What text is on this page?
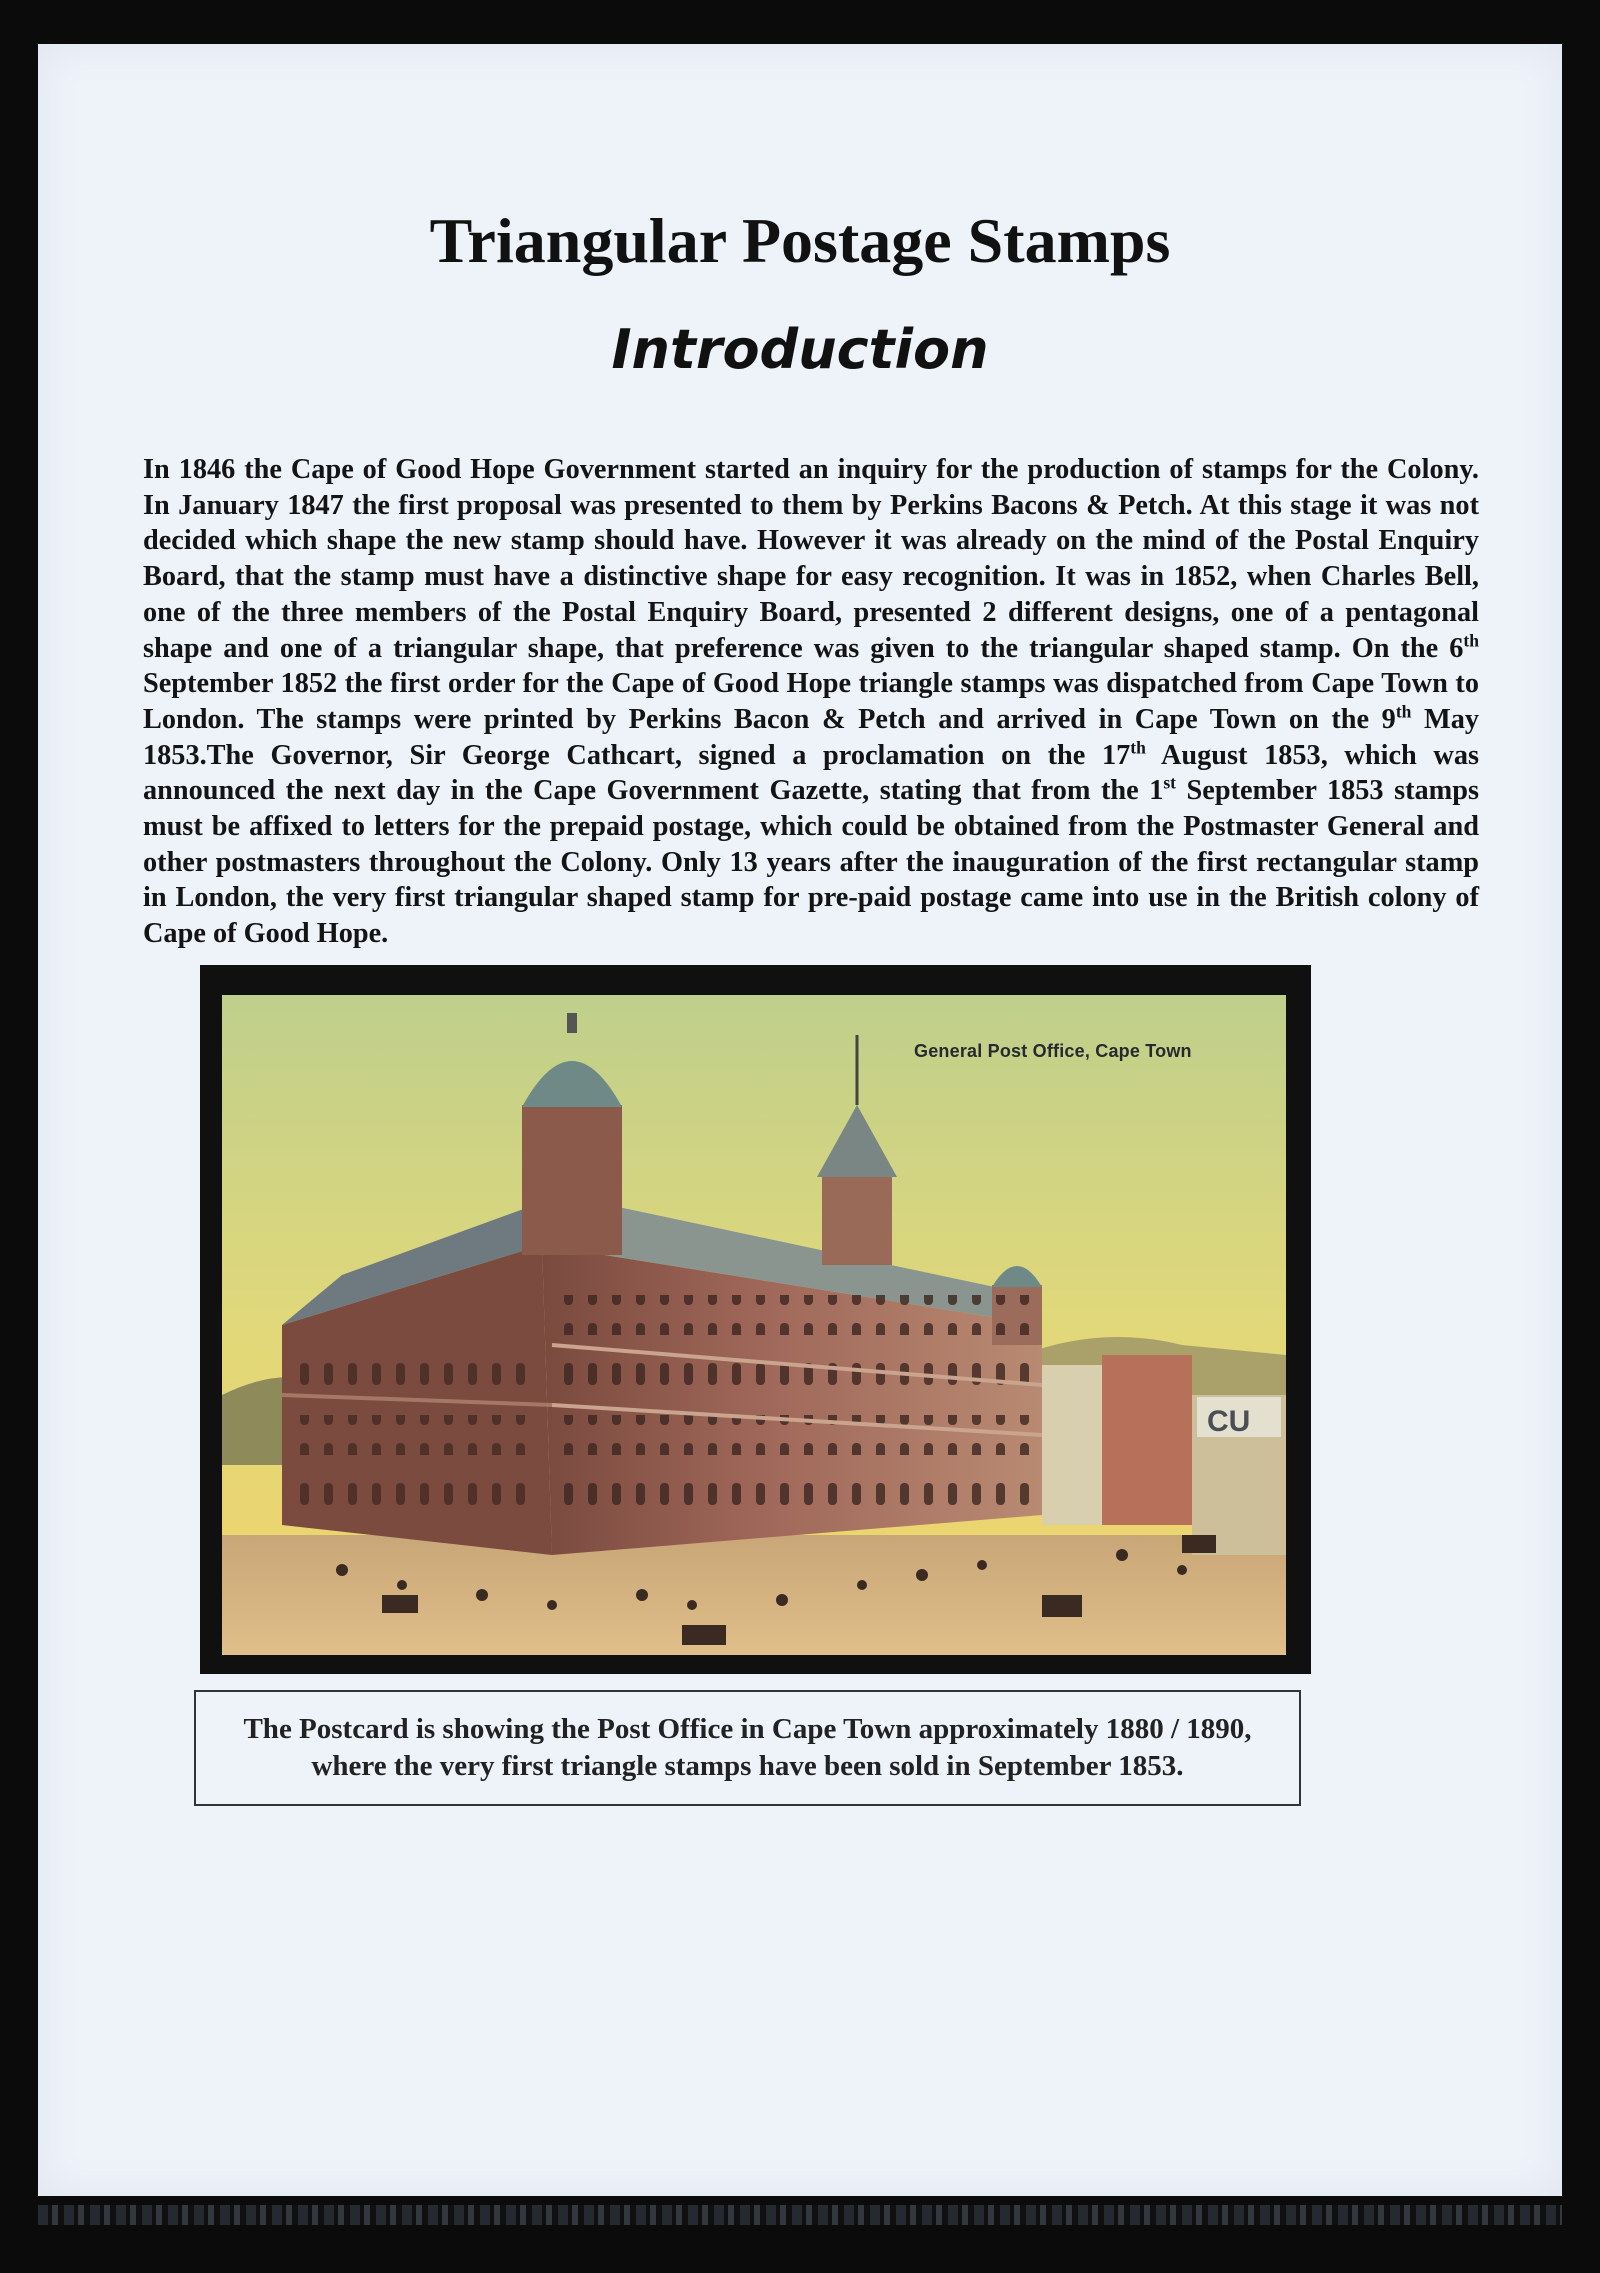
Triangular Postage Stamps
Introduction

In 1846 the Cape of Good Hope Government started an inquiry for the production of stamps for the Colony. In January 1847 the first proposal was presented to them by Perkins Bacons & Petch. At this stage it was not decided which shape the new stamp should have. However it was already on the mind of the Postal Enquiry Board, that the stamp must have a distinctive shape for easy recognition. It was in 1852, when Charles Bell, one of the three members of the Postal Enquiry Board, presented 2 different designs, one of a pentagonal shape and one of a triangular shape, that preference was given to the triangular shaped stamp. On the 6th September 1852 the first order for the Cape of Good Hope triangle stamps was dispatched from Cape Town to London. The stamps were printed by Perkins Bacon & Petch and arrived in Cape Town on the 9th May 1853.The Governor, Sir George Cathcart, signed a proclamation on the 17th August 1853, which was announced the next day in the Cape Government Gazette, stating that from the 1st September 1853 stamps must be affixed to letters for the prepaid postage, which could be obtained from the Postmaster General and other postmasters throughout the Colony. Only 13 years after the inauguration of the first rectangular stamp in London, the very first triangular shaped stamp for pre-paid postage came into use in the British colony of Cape of Good Hope.

CU
General Post Office, Cape Town

The Postcard is showing the Post Office in Cape Town approximately 1880 / 1890, where the very first triangle stamps have been sold in September 1853.
